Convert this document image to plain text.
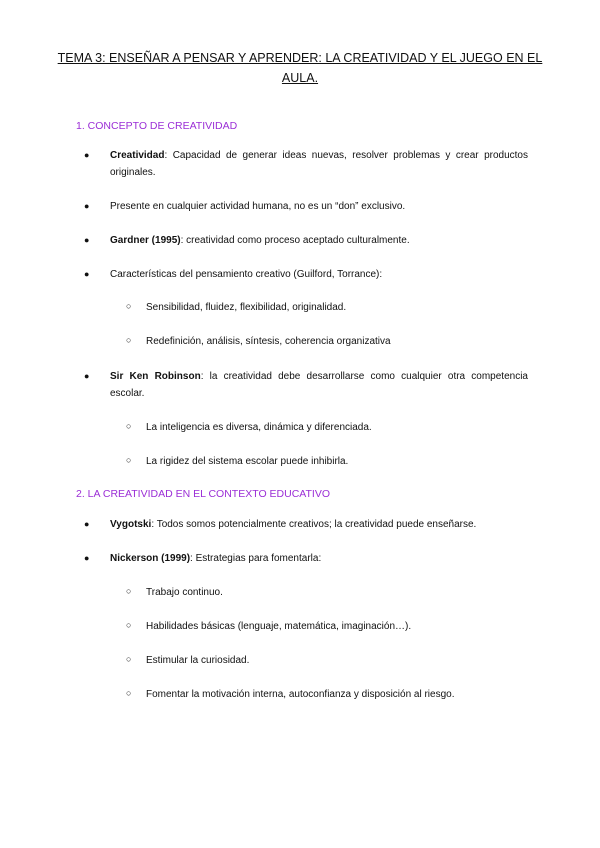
TEMA 3: ENSEÑAR A PENSAR Y APRENDER: LA CREATIVIDAD Y EL JUEGO EN EL AULA.
1. CONCEPTO DE CREATIVIDAD
● Creatividad: Capacidad de generar ideas nuevas, resolver problemas y crear productos originales.
● Presente en cualquier actividad humana, no es un “don” exclusivo.
● Gardner (1995): creatividad como proceso aceptado culturalmente.
● Características del pensamiento creativo (Guilford, Torrance):
○ Sensibilidad, fluidez, flexibilidad, originalidad.
○ Redefinición, análisis, síntesis, coherencia organizativa
● Sir Ken Robinson: la creatividad debe desarrollarse como cualquier otra competencia escolar.
○ La inteligencia es diversa, dinámica y diferenciada.
○ La rigidez del sistema escolar puede inhibirla.
2. LA CREATIVIDAD EN EL CONTEXTO EDUCATIVO
● Vygotski: Todos somos potencialmente creativos; la creatividad puede enseñarse.
● Nickerson (1999): Estrategias para fomentarla:
○ Trabajo continuo.
○ Habilidades básicas (lenguaje, matemática, imaginación…).
○ Estimular la curiosidad.
○ Fomentar la motivación interna, autoconfianza y disposición al riesgo.
